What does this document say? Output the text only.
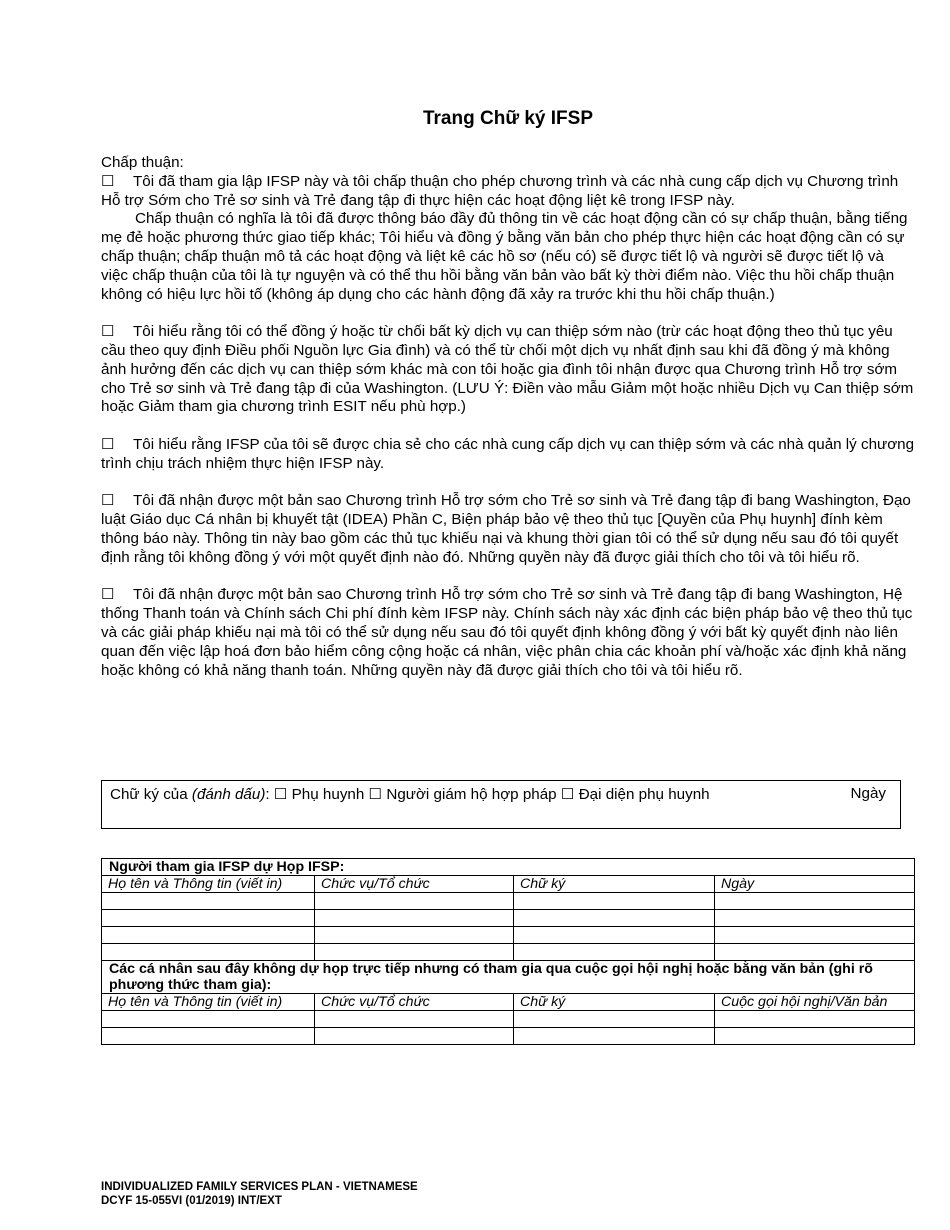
Trang Chữ ký IFSP

Chấp thuận:

☐ Tôi đã tham gia lập IFSP này và tôi chấp thuận cho phép chương trình và các nhà cung cấp dịch vụ Chương trình Hỗ trợ Sớm cho Trẻ sơ sinh và Trẻ đang tập đi thực hiện các hoạt động liệt kê trong IFSP này.

Chấp thuận có nghĩa là tôi đã được thông báo đầy đủ thông tin về các hoạt động cần có sự chấp thuận, bằng tiếng mẹ đẻ hoặc phương thức giao tiếp khác; Tôi hiểu và đồng ý bằng văn bản cho phép thực hiện các hoạt động cần có sự chấp thuận; chấp thuận mô tả các hoạt động và liệt kê các hồ sơ (nếu có) sẽ được tiết lộ và người sẽ được tiết lộ và việc chấp thuận của tôi là tự nguyện và có thể thu hồi bằng văn bản vào bất kỳ thời điểm nào. Việc thu hồi chấp thuận không có hiệu lực hồi tố (không áp dụng cho các hành động đã xảy ra trước khi thu hồi chấp thuận.)

☐ Tôi hiểu rằng tôi có thể đồng ý hoặc từ chối bất kỳ dịch vụ can thiệp sớm nào (trừ các hoạt động theo thủ tục yêu cầu theo quy định Điều phối Nguồn lực Gia đình) và có thể từ chối một dịch vụ nhất định sau khi đã đồng ý mà không ảnh hưởng đến các dịch vụ can thiệp sớm khác mà con tôi hoặc gia đình tôi nhận được qua Chương trình Hỗ trợ sớm cho Trẻ sơ sinh và Trẻ đang tập đi của Washington. (LƯU Ý: Điền vào mẫu Giảm một hoặc nhiều Dịch vụ Can thiệp sớm hoặc Giảm tham gia chương trình ESIT nếu phù hợp.)

☐ Tôi hiểu rằng IFSP của tôi sẽ được chia sẻ cho các nhà cung cấp dịch vụ can thiệp sớm và các nhà quản lý chương trình chịu trách nhiệm thực hiện IFSP này.

☐ Tôi đã nhận được một bản sao Chương trình Hỗ trợ sớm cho Trẻ sơ sinh và Trẻ đang tập đi bang Washington, Đạo luật Giáo dục Cá nhân bị khuyết tật (IDEA) Phần C, Biện pháp bảo vệ theo thủ tục [Quyền của Phụ huynh] đính kèm thông báo này. Thông tin này bao gồm các thủ tục khiếu nại và khung thời gian tôi có thể sử dụng nếu sau đó tôi quyết định rằng tôi không đồng ý với một quyết định nào đó. Những quyền này đã được giải thích cho tôi và tôi hiểu rõ.

☐ Tôi đã nhận được một bản sao Chương trình Hỗ trợ sớm cho Trẻ sơ sinh và Trẻ đang tập đi bang Washington, Hệ thống Thanh toán và Chính sách Chi phí đính kèm IFSP này. Chính sách này xác định các biện pháp bảo vệ theo thủ tục và các giải pháp khiếu nại mà tôi có thể sử dụng nếu sau đó tôi quyết định không đồng ý với bất kỳ quyết định nào liên quan đến việc lập hoá đơn bảo hiểm công cộng hoặc cá nhân, việc phân chia các khoản phí và/hoặc xác định khả năng hoặc không có khả năng thanh toán. Những quyền này đã được giải thích cho tôi và tôi hiểu rõ.

Chữ ký của (đánh dấu): ☐ Phụ huynh ☐ Người giám hộ hợp pháp ☐ Đại diện phụ huynh	Ngày
Người tham gia IFSP dự Họp IFSP:			
Họ tên và Thông tin (viết in)	Chức vụ/Tổ chức	Chữ ký	Ngày

Các cá nhân sau đây không dự họp trực tiếp nhưng có tham gia qua cuộc gọi hội nghị hoặc bằng văn bản (ghi rõ phương thức tham gia):			
Họ tên và Thông tin (viết in)	Chức vụ/Tổ chức	Chữ ký	Cuộc gọi hội nghị/Văn bản

INDIVIDUALIZED FAMILY SERVICES PLAN - VIETNAMESE
DCYF 15-055VI (01/2019) INT/EXT
